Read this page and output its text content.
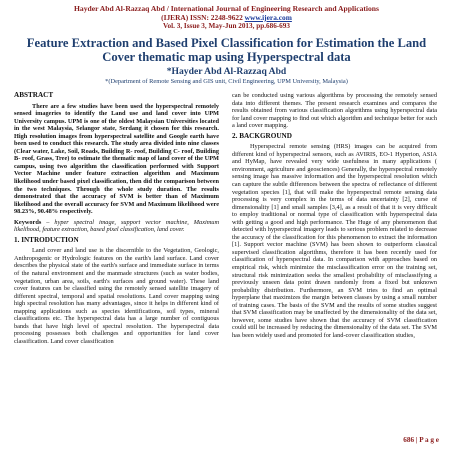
Hayder Abd Al-Razzaq Abd / International Journal of Engineering Research and Applications
(IJERA) ISSN: 2248-9622 www.ijera.com
Vol. 3, Issue 3, May-Jun 2013, pp.686-693
Feature Extraction and Based Pixel Classification for Estimation the Land Cover thematic map using Hyperspectral data
*Hayder Abd Al-Razzaq Abd
*(Department of Remote Sensing and GIS unit, Civil Engineering, UPM University, Malaysia)
ABSTRACT

There are a few studies have been used the hyperspectral remotely sensed imageries to identify the Land use and land cover into UPM University campus. UPM is one of the oldest Malaysian Universities located in the west Malaysia, Selangor state, Serdang it chosen for this research. High resolution images from hyperspectral satellite and Google earth have been used to conduct this research. The study area divided into nine classes (Clear water, Lake, Soil, Roads, Building R- roof, Building C- roof, Building B- roof, Grass, Tree) to estimate the thematic map of land cover of the UPM campus, using two algorithm the classification performed with Support Vector Machine under feature extraction algorithm and Maximum likelihood under based pixel classification, then did the comparison between the two techniques. Through the whole study duration. The results demonstrated that the accuracy of SVM is better than of Maximum likelihood and the overall accuracy for SVM and Maximum likelihood were 98.23%, 90.48% respectively.

Keywords – hyper spectral image, support vector machine, Maximum likelihood, feature extraction, based pixel classification, land cover.

1. INTRODUCTION

Land cover and land use is the discernible to the Vegetation, Geologic, Anthropogenic or Hydrologic features on the earth's land surface. Land cover describes the physical state of the earth's surface and immediate surface in terms of the natural environment and the manmade structures (such as water bodies, vegetation, urban area, soils, earth's surfaces and ground water). These land cover features can be classified using the remotely sensed satellite imagery of different spectral, temporal and spatial resolutions. Land cover mapping using high spectral resolution has many advantages, since it helps in different kind of mapping applications such as species identifications, soil types, mineral classifications etc. The hyperspectral data has a large number of contiguous bands that have high level of spectral resolution. The hyperspectral data processing possesses both challenges and opportunities for land cover classification. Land cover classification

can be conducted using various algorithms by processing the remotely sensed data into different themes. The present research examines and compares the results obtained from various classification algorithms using hyperspectral data for land cover mapping to find out which algorithm and technique better for such a land cover mapping.

2. BACKGROUND

Hyperspectral remote sensing (HRS) images can be acquired from different kind of hyperspectral sensors, such as AVIRIS, EO-1 Hyperion, ASIA and HyMap, have revealed very wide usefulness in many applications ( environment, agriculture and geosciences) Generally, the hyperspectral remotely sensing image has massive information and the hyperspectral resolution which can capture the subtle differences between the spectra of reflectance of different vegetation species [1], that will make the hyperspectral remote sensing data processing is very complex in the terms of data uncertainty [2], curse of dimensionality [1] and small samples [3,4], as a result of that it is very difficult to employ traditional or normal type of classification with hyperspectral data with getting a good and high performance. The Huge of any phenomenon that detected with hyperspectral imagery leads to serious problem related to decrease the accuracy of the classification for this phenomenon to extract the information [1]. Support vector machine (SVM) has been shown to outperform classical supervised classification algorithms, therefore it has been recently used for classification of hyperspectral data. In comparison with approaches based on empirical risk, which minimize the misclassification error on the training set, structural risk minimization seeks the smallest probability of misclassifying a previously unseen data point drawn randomly from a fixed but unknown probability distribution. Furthermore, an SVM tries to find an optimal hyperplane that maximizes the margin between classes by using a small number of training cases. The basis of the SVM and the results of some studies suggest that SVM classification may be unaffected by the dimensionality of the data set, however, some studies have shown that the accuracy of SVM classification could still be increased by reducing the dimensionality of the data set. The SVM has been widely used and promoted for land-cover classification studies,

686 | P a g e
